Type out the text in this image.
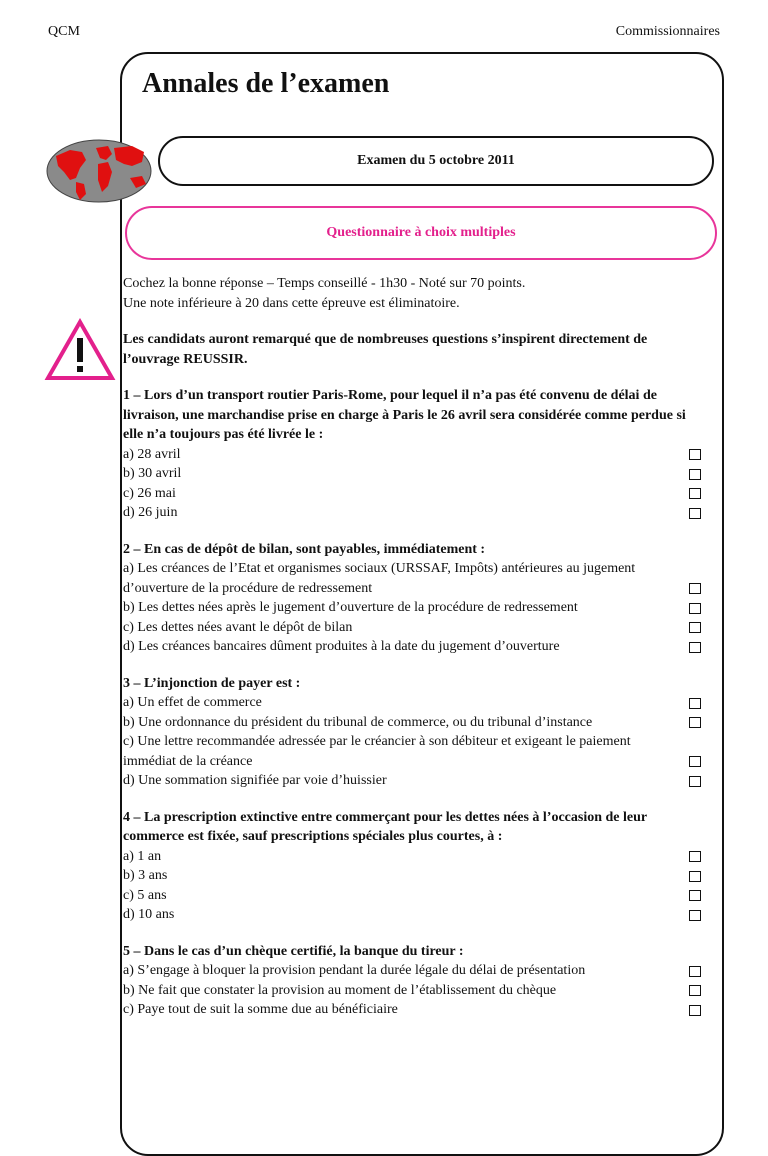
QCM	Commissionnaires
Annales de l’examen
Examen du 5 octobre 2011
Questionnaire à choix multiples

Cochez la bonne réponse – Temps conseillé - 1h30 - Noté sur 70 points.

Une note inférieure à 20 dans cette épreuve est éliminatoire.

Les candidats auront remarqué que de nombreuses questions s’inspirent directement de l’ouvrage REUSSIR.

1 – Lors d’un transport routier Paris-Rome, pour lequel il n’a pas été convenu de délai de livraison, une marchandise prise en charge à Paris le 26 avril sera considérée comme perdue si elle n’a toujours pas été livrée le :

a) 28 avril
b) 30 avril
c) 26 mai
d) 26 juin

2 – En cas de dépôt de bilan, sont payables, immédiatement :

a) Les créances de l’Etat et organismes sociaux (URSSAF, Impôts) antérieures au jugement d’ouverture de la procédure de redressement
b) Les dettes nées après le jugement d’ouverture de la procédure de redressement
c) Les dettes nées avant le dépôt de bilan
d) Les créances bancaires dûment produites à la date du jugement d’ouverture

3 – L’injonction de payer est :

a) Un effet de commerce
b) Une ordonnance du président du tribunal de commerce, ou du tribunal d’instance
c) Une lettre recommandée adressée par le créancier à son débiteur et exigeant le paiement immédiat de la créance
d) Une sommation signifiée par voie d’huissier

4 – La prescription extinctive entre commerçant pour les dettes nées à l’occasion de leur commerce est fixée, sauf prescriptions spéciales plus courtes, à :

a) 1 an
b) 3 ans
c) 5 ans
d) 10 ans

5 – Dans le cas d’un chèque certifié, la banque du tireur :

a) S’engage à bloquer la provision pendant la durée légale du délai de présentation
b) Ne fait que constater la provision au moment de l’établissement du chèque
c) Paye tout de suit la somme due au bénéficiaire
